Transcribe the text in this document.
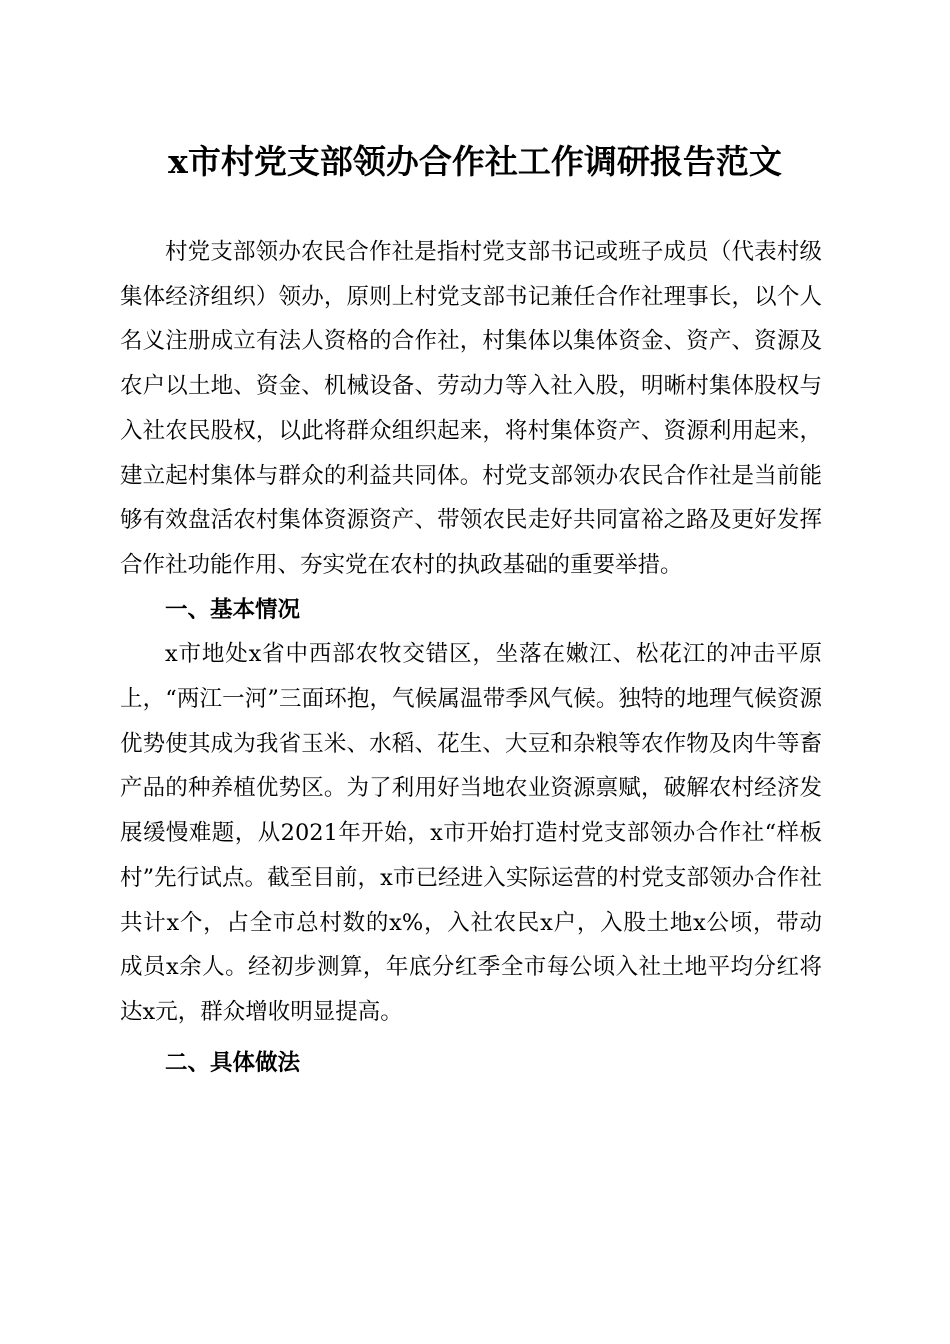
x市村党支部领办合作社工作调研报告范文

村党支部领办农民合作社是指村党支部书记或班子成员（代表村级集体经济组织）领办，原则上村党支部书记兼任合作社理事长，以个人名义注册成立有法人资格的合作社，村集体以集体资金、资产、资源及农户以土地、资金、机械设备、劳动力等入社入股，明晰村集体股权与入社农民股权，以此将群众组织起来，将村集体资产、资源利用起来，建立起村集体与群众的利益共同体。村党支部领办农民合作社是当前能够有效盘活农村集体资源资产、带领农民走好共同富裕之路及更好发挥合作社功能作用、夯实党在农村的执政基础的重要举措。

一、基本情况

x市地处x省中西部农牧交错区，坐落在嫩江、松花江的冲击平原上，“两江一河”三面环抱，气候属温带季风气候。独特的地理气候资源优势使其成为我省玉米、水稻、花生、大豆和杂粮等农作物及肉牛等畜产品的种养植优势区。为了利用好当地农业资源禀赋，破解农村经济发展缓慢难题，从2021年开始，x市开始打造村党支部领办合作社“样板村”先行试点。截至目前，x市已经进入实际运营的村党支部领办合作社共计x个，占全市总村数的x%，入社农民x户，入股土地x公顷，带动成员x余人。经初步测算，年底分红季全市每公顷入社土地平均分红将达x元，群众增收明显提高。

二、具体做法
